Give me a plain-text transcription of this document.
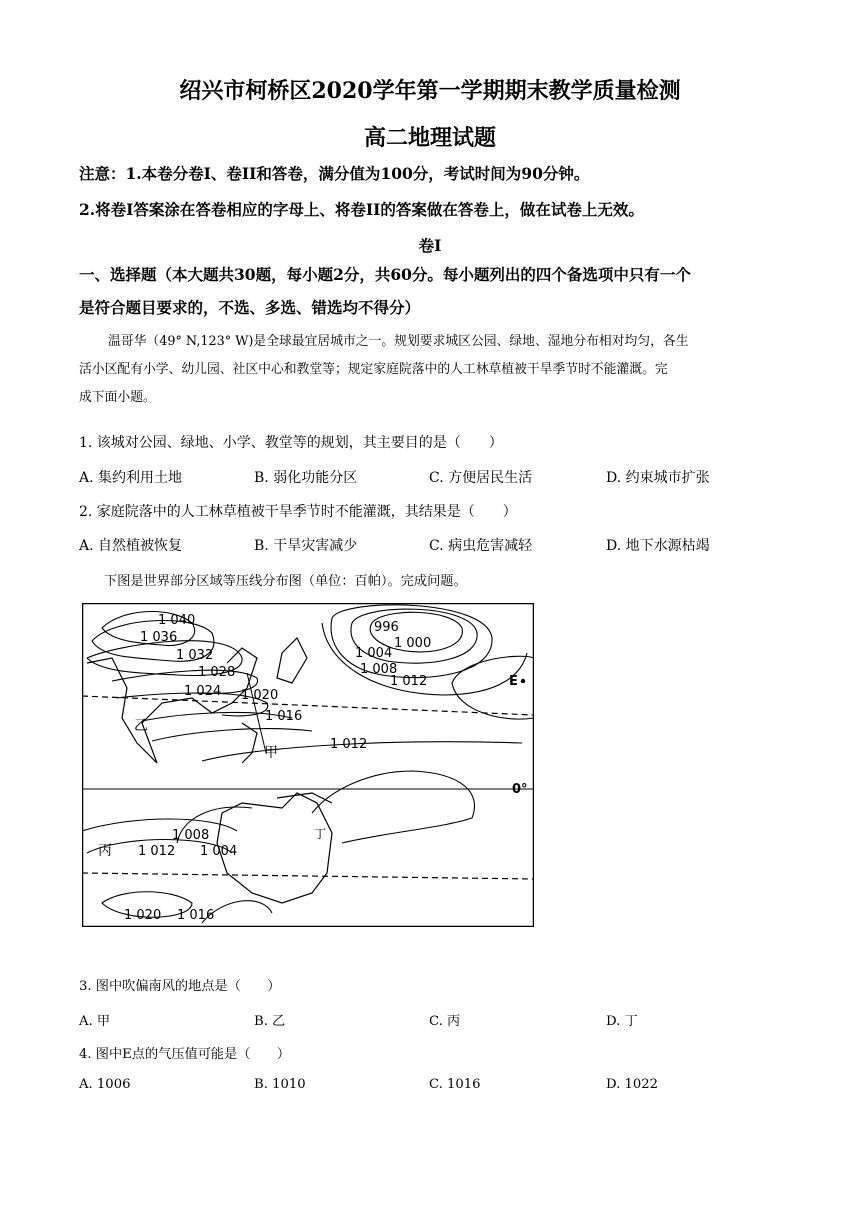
绍兴市柯桥区2020学年第一学期期末教学质量检测
高二地理试题
注意：1.本卷分卷I、卷II和答卷，满分值为100分，考试时间为90分钟。
2.将卷I答案涂在答卷相应的字母上、将卷II的答案做在答卷上，做在试卷上无效。
卷I
一、选择题（本大题共30题，每小题2分，共60分。每小题列出的四个备选项中只有一个
是符合题目要求的，不选、多选、错选均不得分）
温哥华（49° N,123° W)是全球最宜居城市之一。规划要求城区公园、绿地、湿地分布相对均匀，各生
活小区配有小学、幼儿园、社区中心和教堂等；规定家庭院落中的人工林草植被干旱季节时不能灌溉。完
成下面小题。
1. 该城对公园、绿地、小学、教堂等的规划，其主要目的是（　　）
A. 集约利用土地	B. 弱化功能分区	C. 方便居民生活	D. 约束城市扩张
2. 家庭院落中的人工林草植被干旱季节时不能灌溉，其结果是（　　）
A. 自然植被恢复	B. 干旱灾害减少	C. 病虫危害减轻	D. 地下水源枯竭
下图是世界部分区域等压线分布图（单位：百帕）。完成问题。
1 040
1 036
1 032
1 028
1 024 1 020
1 016
1 012
996
1 000
1 004
1 008
1 012
1 008
1 004
1 012
1 020 1 016
甲
乙
丙
丁
E
0°
3. 图中吹偏南风的地点是（　　）
A. 甲	B. 乙	C. 丙	D. 丁
4. 图中E点的气压值可能是（　　）
A. 1006	B. 1010	C. 1016	D. 1022
